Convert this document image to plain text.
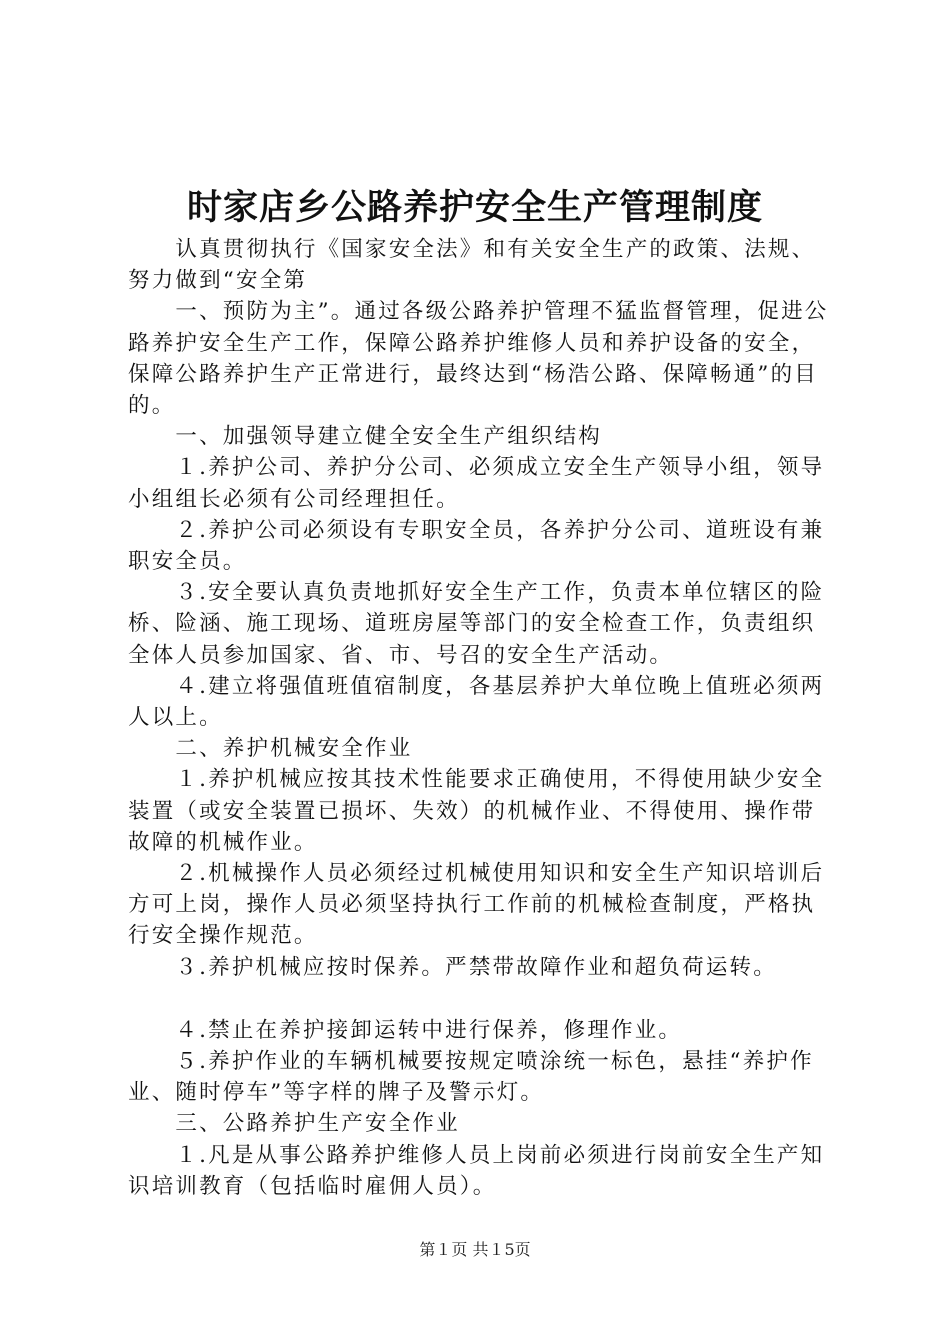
时家店乡公路养护安全生产管理制度

　　认真贯彻执行《国家安全法》和有关安全生产的政策、法规、努力做到“安全第

　　一、预防为主”。通过各级公路养护管理不猛监督管理，促进公路养护安全生产工作，保障公路养护维修人员和养护设备的安全，保障公路养护生产正常进行，最终达到“杨浩公路、保障畅通”的目的。

　　一、加强领导建立健全安全生产组织结构

　　１.养护公司、养护分公司、必须成立安全生产领导小组，领导小组组长必须有公司经理担任。

　　２.养护公司必须设有专职安全员，各养护分公司、道班设有兼职安全员。

　　３.安全要认真负责地抓好安全生产工作，负责本单位辖区的险桥、险涵、施工现场、道班房屋等部门的安全检查工作，负责组织全体人员参加国家、省、市、号召的安全生产活动。

　　４.建立将强值班值宿制度，各基层养护大单位晚上值班必须两人以上。

　　二、养护机械安全作业

　　１.养护机械应按其技术性能要求正确使用，不得使用缺少安全装置（或安全装置已损坏、失效）的机械作业、不得使用、操作带故障的机械作业。

　　２.机械操作人员必须经过机械使用知识和安全生产知识培训后方可上岗，操作人员必须坚持执行工作前的机械检查制度，严格执行安全操作规范。

　　３.养护机械应按时保养。严禁带故障作业和超负荷运转。

　　４.禁止在养护接卸运转中进行保养，修理作业。

　　５.养护作业的车辆机械要按规定喷涂统一标色，悬挂“养护作业、随时停车”等字样的牌子及警示灯。

　　三、公路养护生产安全作业

　　１.凡是从事公路养护维修人员上岗前必须进行岗前安全生产知识培训教育（包括临时雇佣人员）。

第１页 共１5页
